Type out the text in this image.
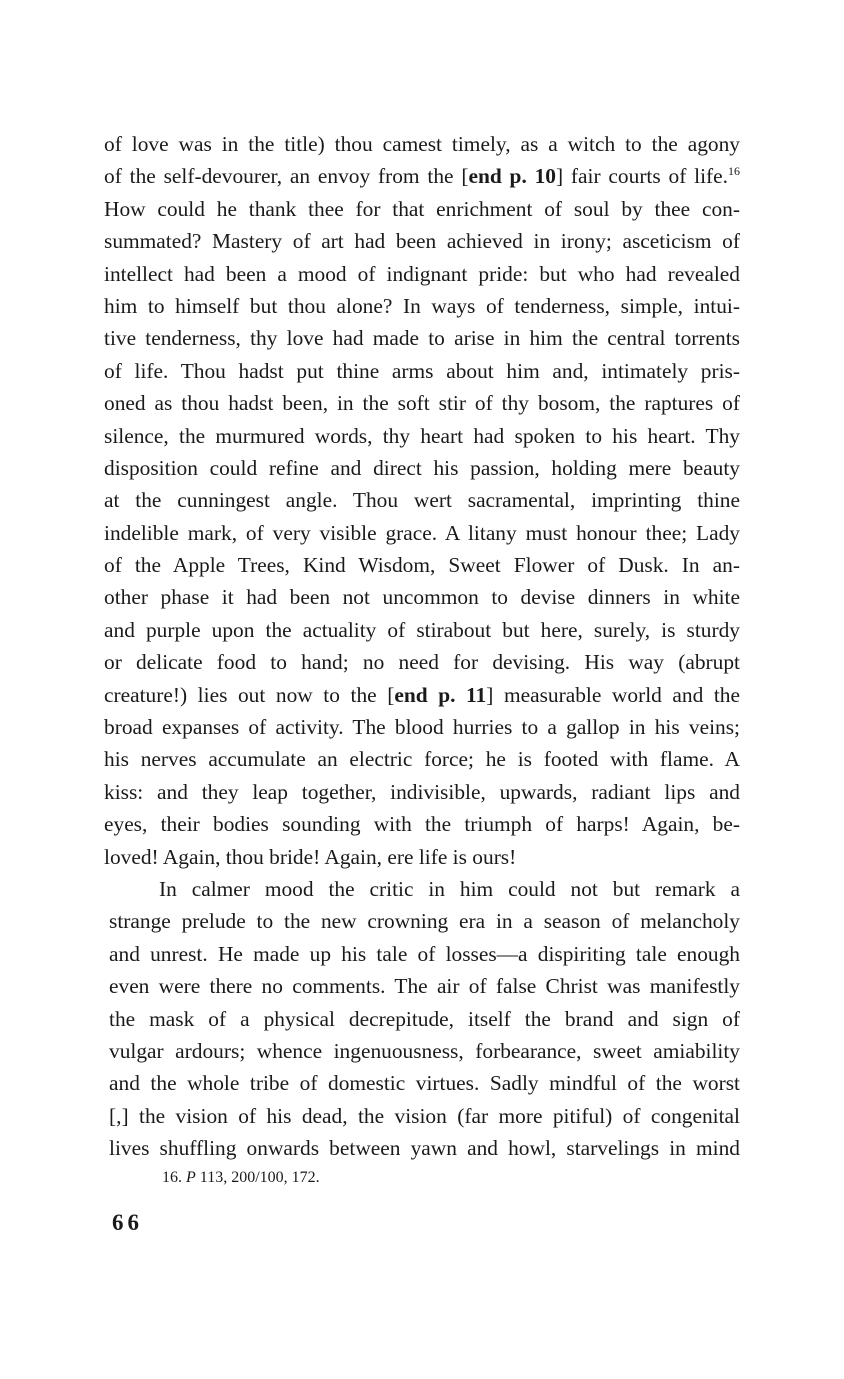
of love was in the title) thou camest timely, as a witch to the agony
of the self-devourer, an envoy from the [end p. 10] fair courts of life.$^{16}$
How could he thank thee for that enrichment of soul by thee con-
summated? Mastery of art had been achieved in irony; asceticism of
intellect had been a mood of indignant pride: but who had revealed
him to himself but thou alone? In ways of tenderness, simple, intui-
tive tenderness, thy love had made to arise in him the central torrents
of life. Thou hadst put thine arms about him and, intimately pris-
oned as thou hadst been, in the soft stir of thy bosom, the raptures of
silence, the murmured words, thy heart had spoken to his heart. Thy
disposition could refine and direct his passion, holding mere beauty
at the cunningest angle. Thou wert sacramental, imprinting thine
indelible mark, of very visible grace. A litany must honour thee; Lady
of the Apple Trees, Kind Wisdom, Sweet Flower of Dusk. In an-
other phase it had been not uncommon to devise dinners in white
and purple upon the actuality of stirabout but here, surely, is sturdy
or delicate food to hand; no need for devising. His way (abrupt
creature!) lies out now to the [end p. 11] measurable world and the
broad expanses of activity. The blood hurries to a gallop in his veins;
his nerves accumulate an electric force; he is footed with flame. A
kiss: and they leap together, indivisible, upwards, radiant lips and
eyes, their bodies sounding with the triumph of harps! Again, be-
loved! Again, thou bride! Again, ere life is ours!
In calmer mood the critic in him could not but remark a
strange prelude to the new crowning era in a season of melancholy
and unrest. He made up his tale of losses—a dispiriting tale enough
even were there no comments. The air of false Christ was manifestly
the mask of a physical decrepitude, itself the brand and sign of
vulgar ardours; whence ingenuousness, forbearance, sweet amiability
and the whole tribe of domestic virtues. Sadly mindful of the worst
[,] the vision of his dead, the vision (far more pitiful) of congenital
lives shuffling onwards between yawn and howl, starvelings in mind
16. P 113, 200/100, 172.
66
